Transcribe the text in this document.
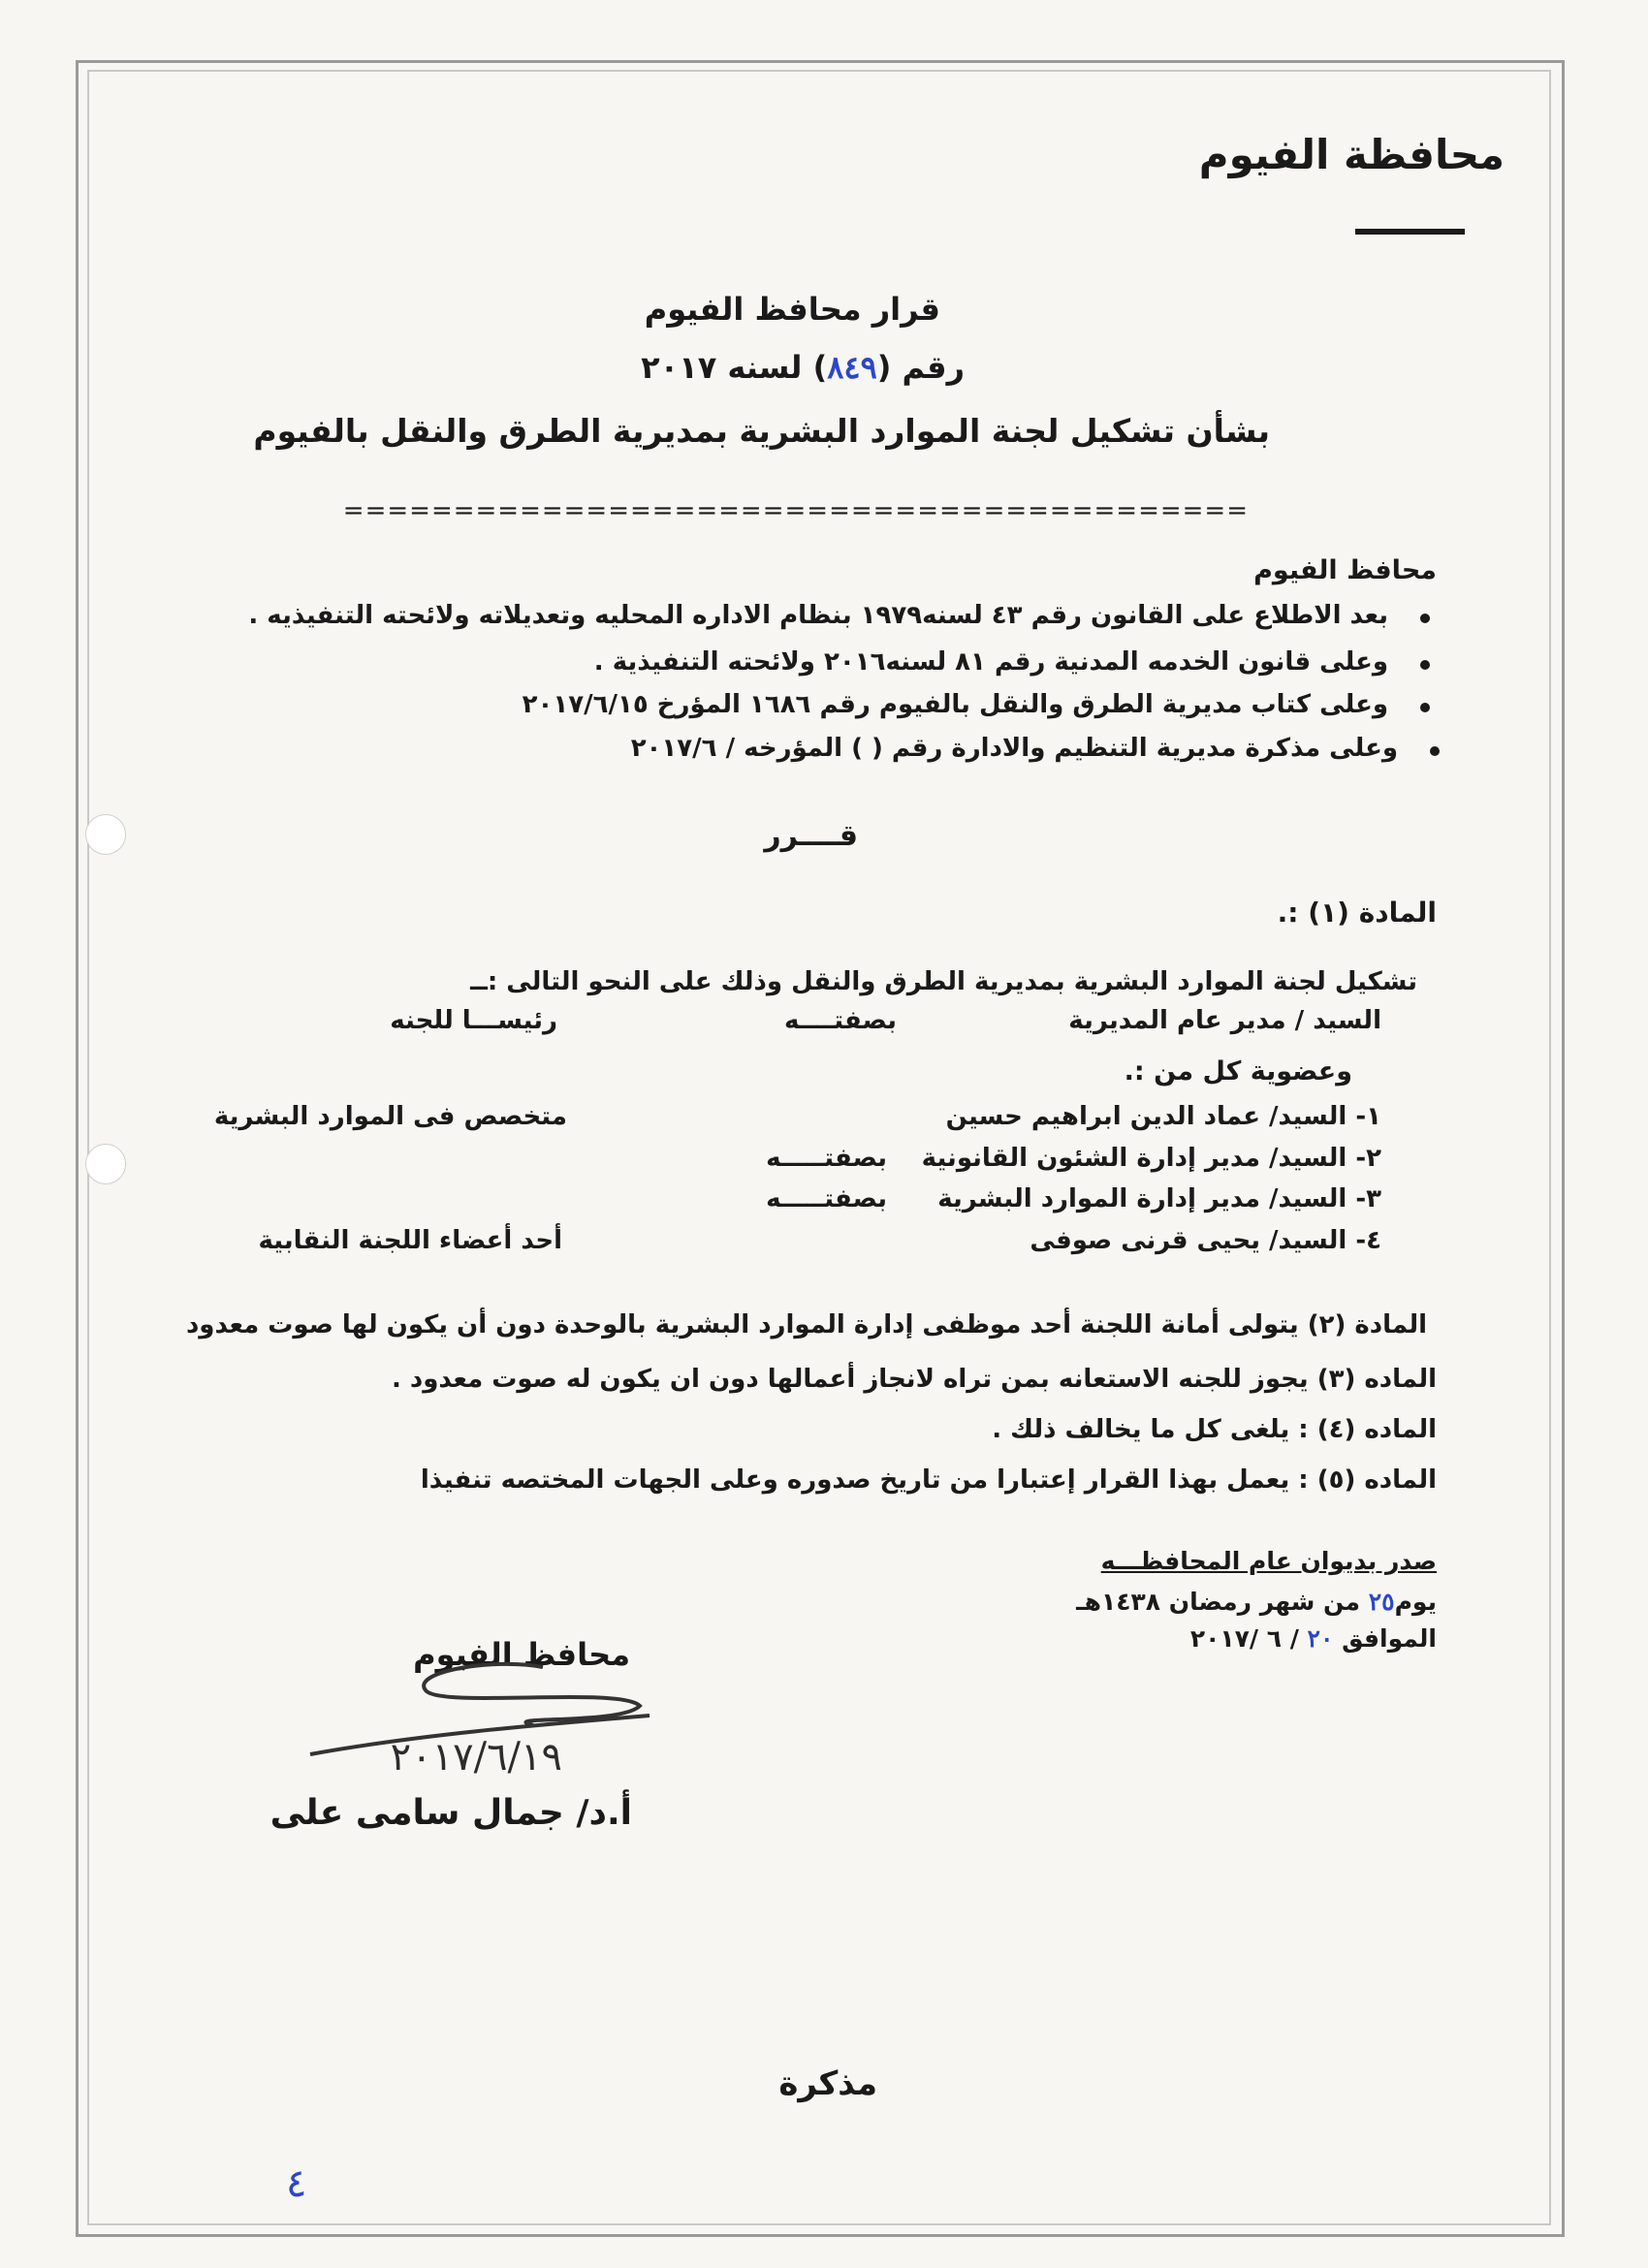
محافظة الفيوم
قرار محافظ الفيوم
رقم (٨٤٩) لسنه ٢٠١٧
بشأن تشكيل لجنة الموارد البشرية بمديرية الطرق والنقل بالفيوم
=========================================
محافظ الفيوم
بعد الاطلاع على القانون رقم ٤٣ لسنه١٩٧٩ بنظام الاداره المحليه وتعديلاته ولائحته التنفيذيه .
وعلى قانون الخدمه المدنية رقم ٨١ لسنه٢٠١٦ ولائحته التنفيذية .
وعلى كتاب مديرية الطرق والنقل بالفيوم رقم ١٦٨٦ المؤرخ ٢٠١٧/٦/١٥
وعلى مذكرة مديرية التنظيم والادارة رقم ( ) المؤرخه / ٢٠١٧/٦
قــــرر
المادة (١) :.
تشكيل لجنة الموارد البشرية بمديرية الطرق والنقل وذلك على النحو التالى :ــ
السيد / مدير عام المديرية
بصفتــــه
رئيســـا للجنه
وعضوية كل من :.
١- السيد/ عماد الدين ابراهيم حسين
متخصص فى الموارد البشرية
٢- السيد/ مدير إدارة الشئون القانونية
بصفتـــــه
٣- السيد/ مدير إدارة الموارد البشرية
بصفتـــــه
٤- السيد/ يحيى قرنى صوفى
أحد أعضاء اللجنة النقابية
المادة (٢) يتولى أمانة اللجنة أحد موظفى إدارة الموارد البشرية بالوحدة دون أن يكون لها صوت معدود
الماده (٣) يجوز للجنه الاستعانه بمن تراه لانجاز أعمالها دون ان يكون له صوت معدود .
الماده (٤) : يلغى كل ما يخالف ذلك .
الماده (٥) : يعمل بهذا القرار إعتبارا من تاريخ صدوره وعلى الجهات المختصه تنفيذا
صدر بديوان عام المحافظـــه
يوم٢٥ من شهر رمضان ١٤٣٨هـ
الموافق ٢٠ / ٦ /٢٠١٧
محافظ الفيوم
٢٠١٧/٦/١٩
أ.د/ جمال سامى على
مذكرة
٤
